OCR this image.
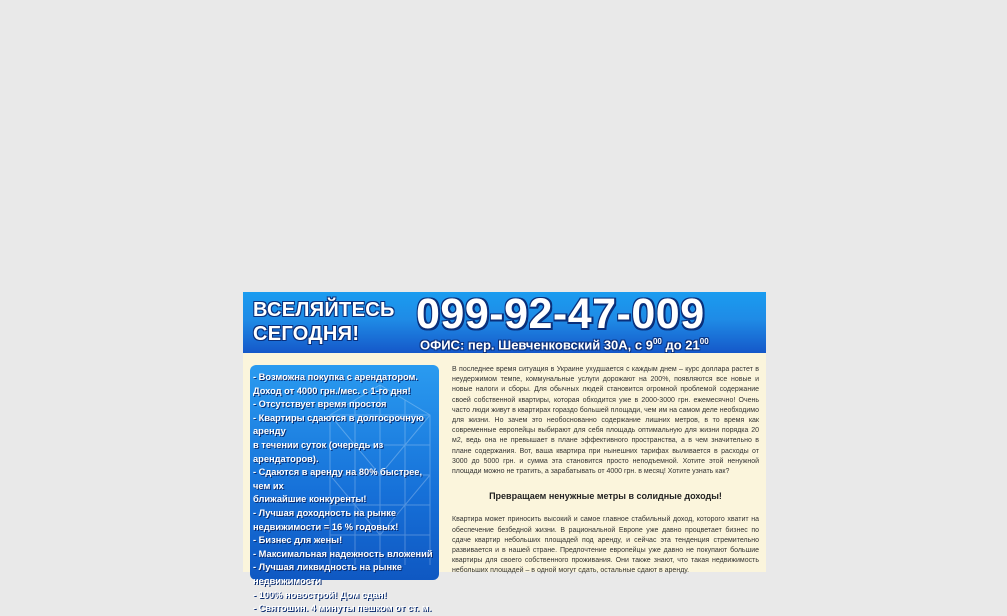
ВСЕЛЯЙТЕСЬ
СЕГОДНЯ!	099-92-47-009
ОФИС: пер. Шевченковский 30А, с $9^{00}$ до $21^{00}$
- Возможна покупка с арендатором.
Доход от 4000 грн./мес. с 1-го дня!
- Отсутствует время простоя
- Квартиры сдаются в долгосрочную аренду
в течении суток (очередь из арендаторов).
- Сдаются в аренду на 80% быстрее, чем их
ближайшие конкуренты!
- Лучшая доходность на рынке
недвижимости = 16 % годовых!
- Бизнес для жены!
- Максимальная надежность вложений
- Лучшая ликвидность на рынке
недвижимости
- 100% новострой! Дом сдан!
- Святошин. 4 минуты пешком от ст. м.

В последнее время ситуация в Украине ухудшается с каждым днем – курс доллара растет в неудержимом темпе, коммунальные услуги дорожают на 200%, появляются все новые и новые налоги и сборы. Для обычных людей становится огромной проблемой содержание своей собственной квартиры, которая обходится уже в 2000-3000 грн. ежемесячно! Очень часто люди живут в квартирах гораздо большей площади, чем им на самом деле необходимо для жизни. Но зачем это необоснованно содержание лишних метров, в то время как современные европейцы выбирают для себя площадь оптимальную для жизни порядка 20 м2, ведь она не превышает в плане эффективного пространства, а в чем значительно в плане содержания. Вот, ваша квартира при нынешних тарифах выливается в расходы от 3000 до 5000 грн. и сумма эта становится просто неподъемной. Хотите этой ненужной площади можно не тратить, а зарабатывать от 4000 грн. в месяц! Хотите узнать как?

Превращаем ненужные метры в солидные доходы!

Квартира может приносить высокий и самое главное стабильный доход, которого хватит на обеспечение безбедной жизни. В рациональной Европе уже давно процветает бизнес по сдаче квартир небольших площадей под аренду, и сейчас эта тенденция стремительно развивается и в нашей стране. Предпочтение европейцы уже давно не покупают большие квартиры для своего собственного проживания. Они также знают, что такая недвижимость небольших площадей – в одной могут сдать, остальные сдают в аренду.
